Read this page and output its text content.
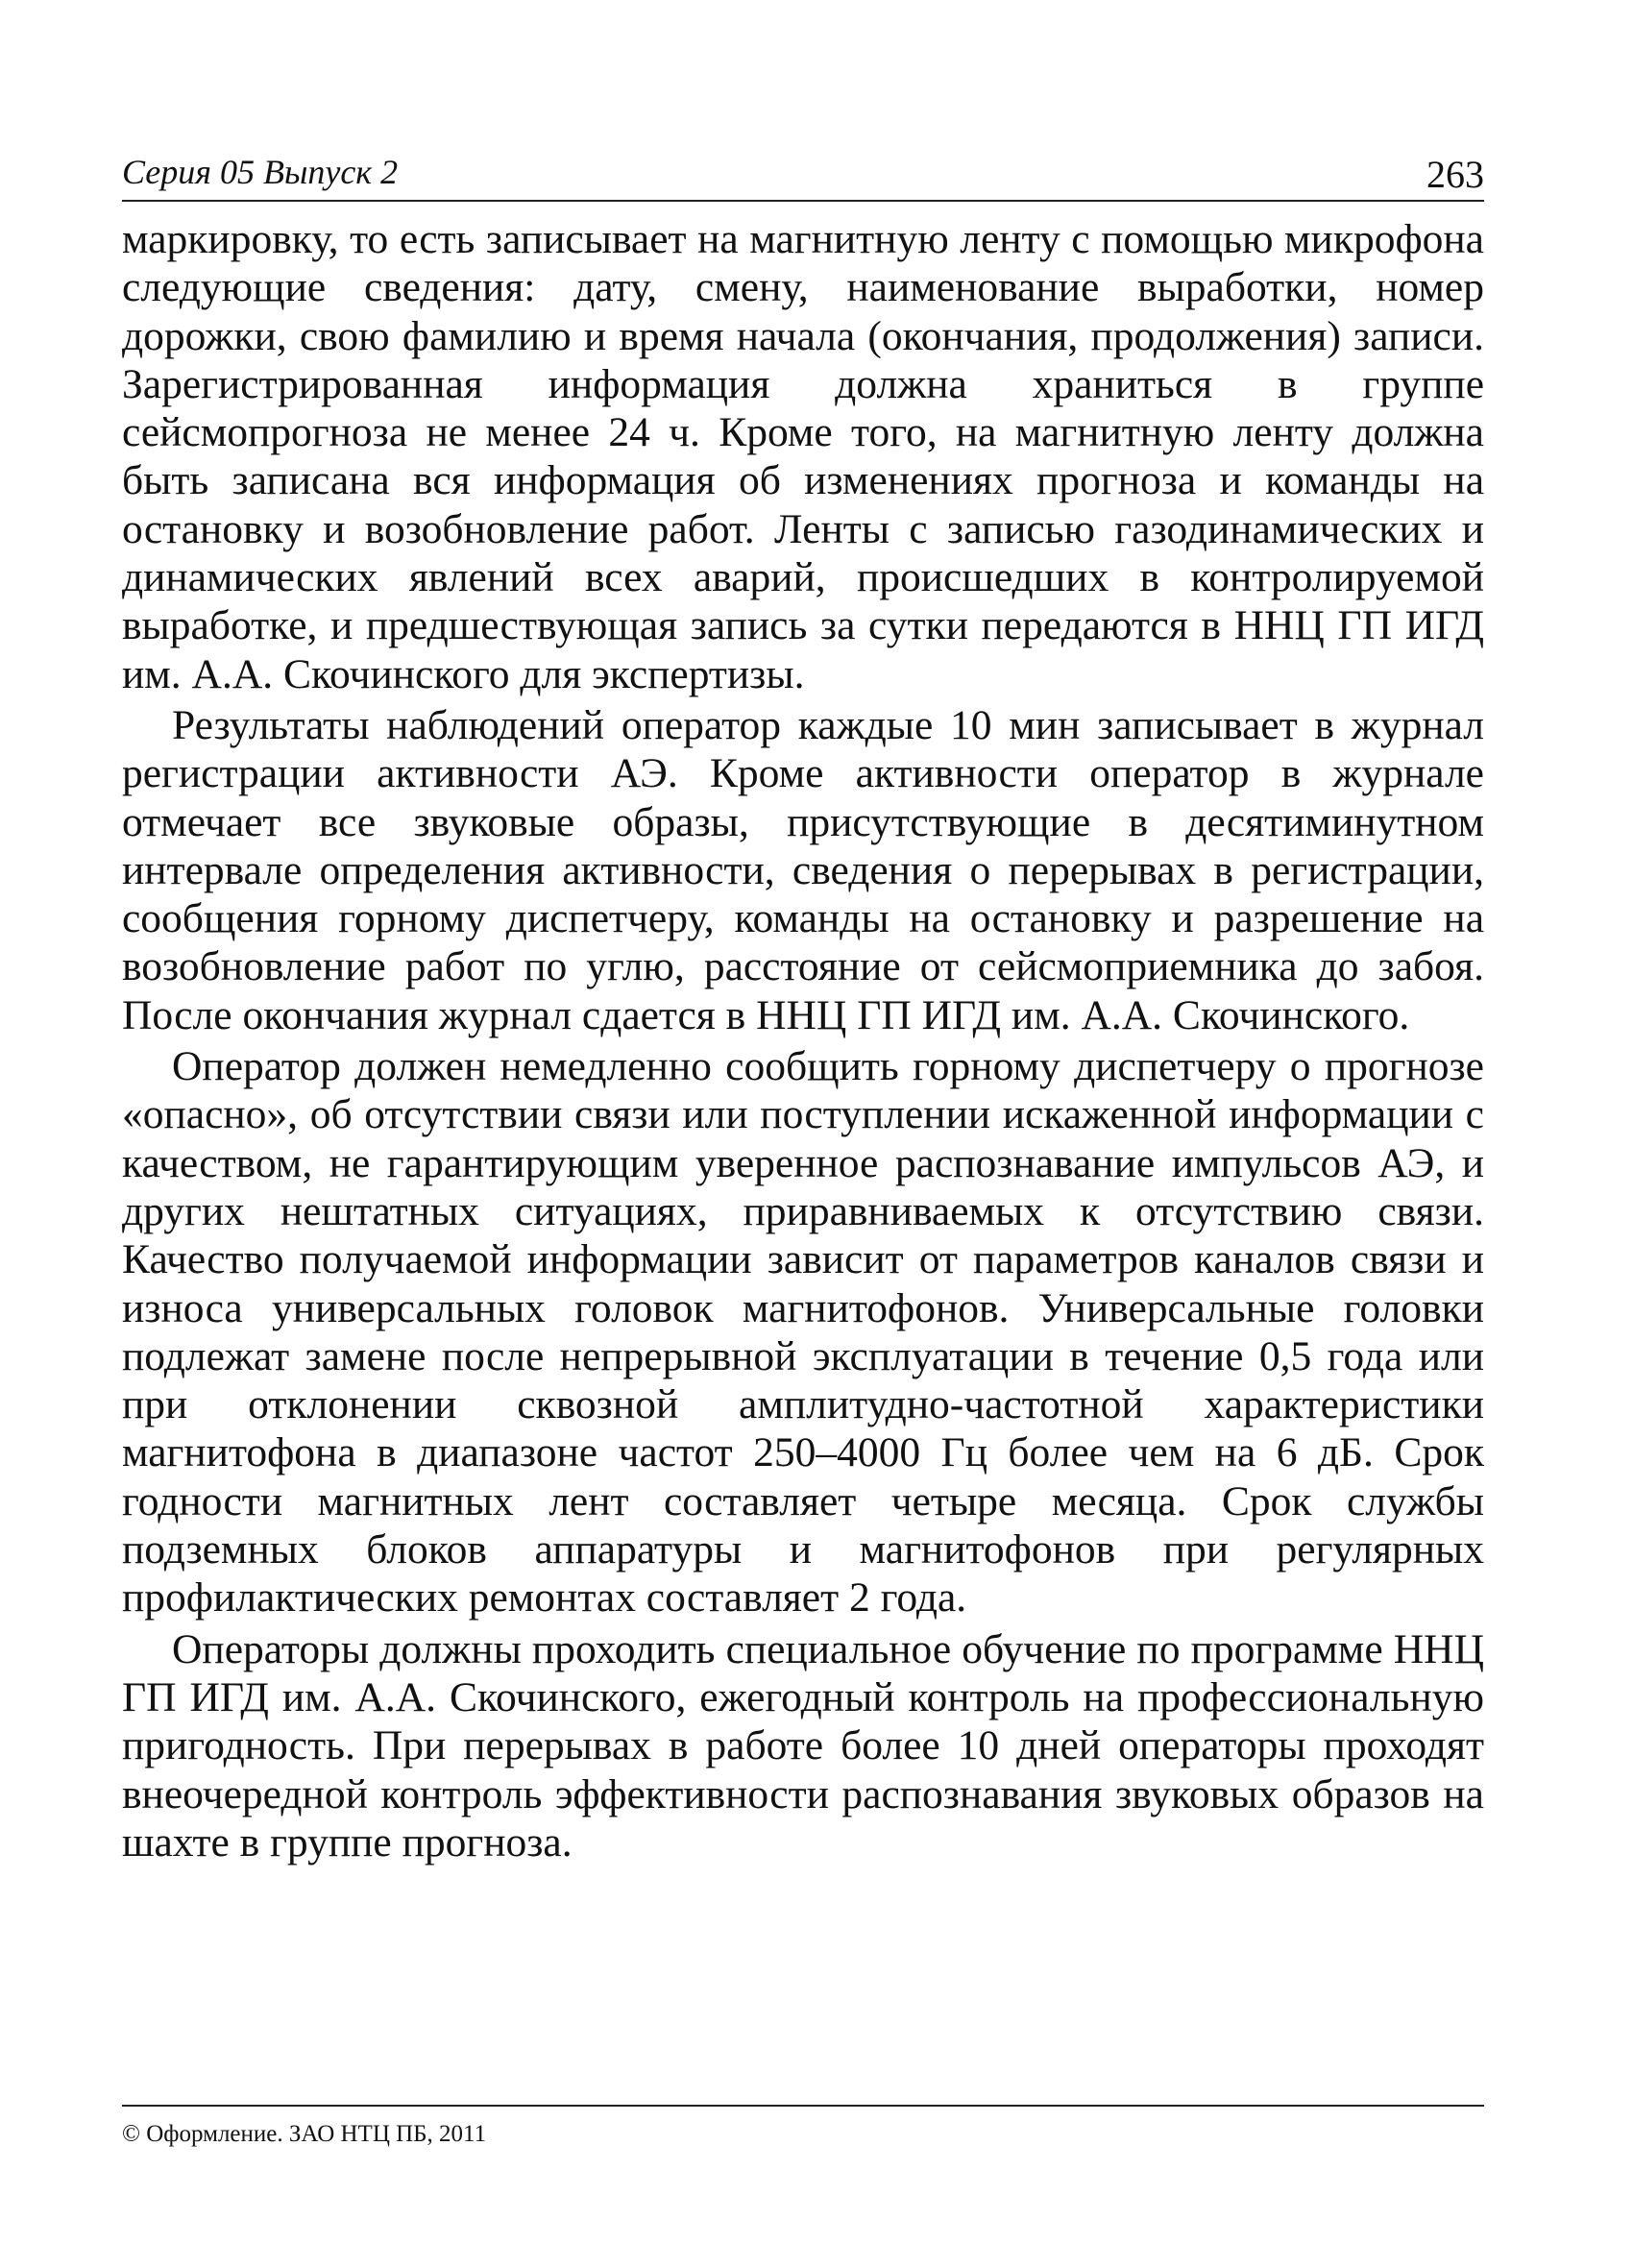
Серия 05 Выпуск 2	263

маркировку, то есть записывает на магнитную ленту с помощью микрофона следующие сведения: дату, смену, наименование выработки, номер дорожки, свою фамилию и время начала (окончания, продолжения) записи. Зарегистрированная информация должна храниться в группе сейсмопрогноза не менее 24 ч. Кроме того, на магнитную ленту должна быть записана вся информация об изменениях прогноза и команды на остановку и возобновление работ. Ленты с записью газодинамических и динамических явлений всех аварий, происшедших в контролируемой выработке, и предшествующая запись за сутки передаются в ННЦ ГП ИГД им. А.А. Скочинского для экспертизы.

Результаты наблюдений оператор каждые 10 мин записывает в журнал регистрации активности АЭ. Кроме активности оператор в журнале отмечает все звуковые образы, присутствующие в десятиминутном интервале определения активности, сведения о перерывах в регистрации, сообщения горному диспетчеру, команды на остановку и разрешение на возобновление работ по углю, расстояние от сейсмоприемника до забоя. После окончания журнал сдается в ННЦ ГП ИГД им. А.А. Скочинского.

Оператор должен немедленно сообщить горному диспетчеру о прогнозе «опасно», об отсутствии связи или поступлении искаженной информации с качеством, не гарантирующим уверенное распознавание импульсов АЭ, и других нештатных ситуациях, приравниваемых к отсутствию связи. Качество получаемой информации зависит от параметров каналов связи и износа универсальных головок магнитофонов. Универсальные головки подлежат замене после непрерывной эксплуатации в течение 0,5 года или при отклонении сквозной амплитудно-частотной характеристики магнитофона в диапазоне частот 250–4000 Гц более чем на 6 дБ. Срок годности магнитных лент составляет четыре месяца. Срок службы подземных блоков аппаратуры и магнитофонов при регулярных профилактических ремонтах составляет 2 года.

Операторы должны проходить специальное обучение по программе ННЦ ГП ИГД им. А.А. Скочинского, ежегодный контроль на профессиональную пригодность. При перерывах в работе более 10 дней операторы проходят внеочередной контроль эффективности распознавания звуковых образов на шахте в группе прогноза.

© Оформление. ЗАО НТЦ ПБ, 2011
